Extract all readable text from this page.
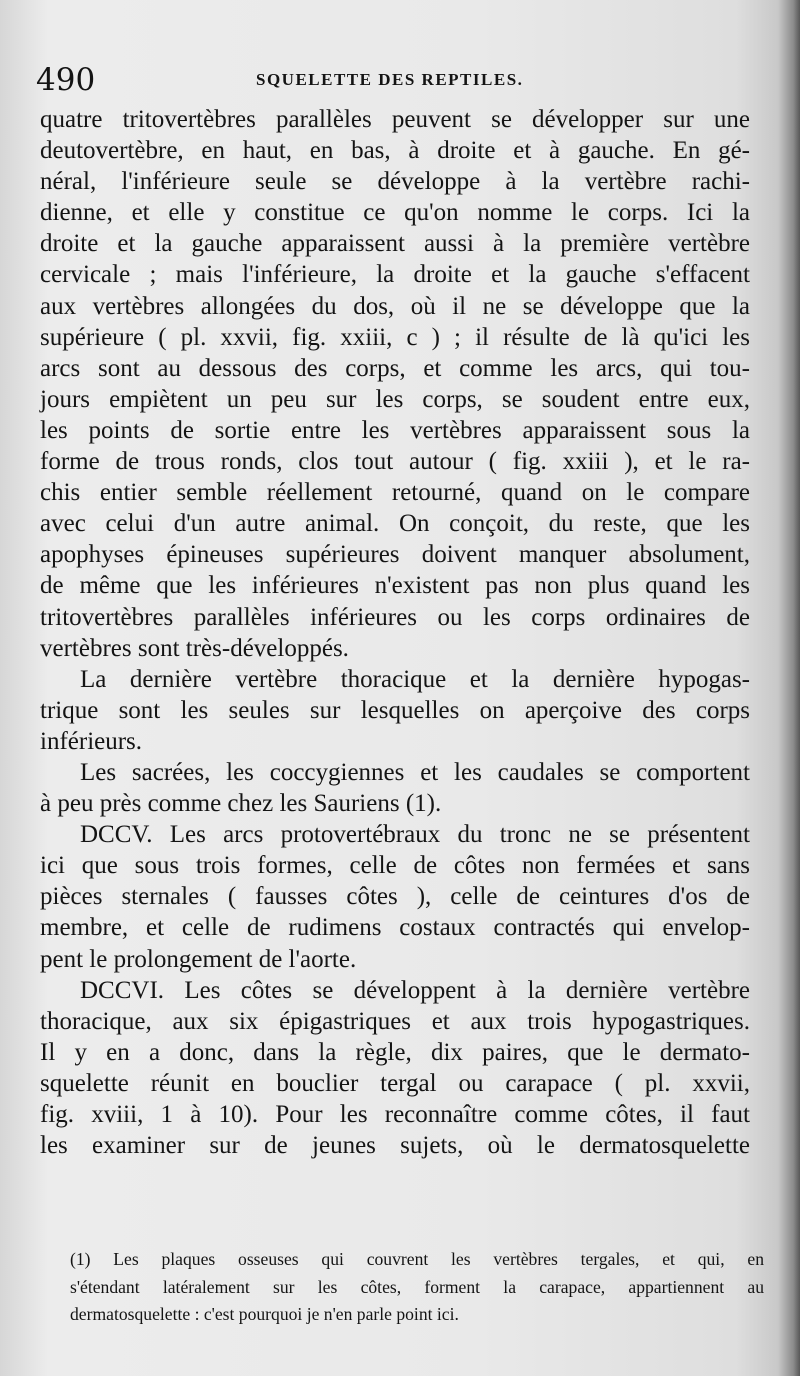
490	SQUELETTE DES REPTILES.
quatre tritovertèbres parallèles peuvent se développer sur une
deutovertèbre, en haut, en bas, à droite et à gauche. En gé-
néral, l'inférieure seule se développe à la vertèbre rachi-
dienne, et elle y constitue ce qu'on nomme le corps. Ici la
droite et la gauche apparaissent aussi à la première vertèbre
cervicale ; mais l'inférieure, la droite et la gauche s'effacent
aux vertèbres allongées du dos, où il ne se développe que la
supérieure ( pl. xxvii, fig. xxiii, c ) ; il résulte de là qu'ici les
arcs sont au dessous des corps, et comme les arcs, qui tou-
jours empiètent un peu sur les corps, se soudent entre eux,
les points de sortie entre les vertèbres apparaissent sous la
forme de trous ronds, clos tout autour ( fig. xxiii ), et le ra-
chis entier semble réellement retourné, quand on le compare
avec celui d'un autre animal. On conçoit, du reste, que les
apophyses épineuses supérieures doivent manquer absolument,
de même que les inférieures n'existent pas non plus quand les
tritovertèbres parallèles inférieures ou les corps ordinaires de
vertèbres sont très-développés.
La dernière vertèbre thoracique et la dernière hypogas-
trique sont les seules sur lesquelles on aperçoive des corps
inférieurs.
Les sacrées, les coccygiennes et les caudales se comportent
à peu près comme chez les Sauriens (1).
DCCV. Les arcs protovertébraux du tronc ne se présentent
ici que sous trois formes, celle de côtes non fermées et sans
pièces sternales ( fausses côtes ), celle de ceintures d'os de
membre, et celle de rudimens costaux contractés qui envelop-
pent le prolongement de l'aorte.
DCCVI. Les côtes se développent à la dernière vertèbre
thoracique, aux six épigastriques et aux trois hypogastriques.
Il y en a donc, dans la règle, dix paires, que le dermato-
squelette réunit en bouclier tergal ou carapace ( pl. xxvii,
fig. xviii, 1 à 10). Pour les reconnaître comme côtes, il faut
les examiner sur de jeunes sujets, où le dermatosquelette
(1) Les plaques osseuses qui couvrent les vertèbres tergales, et qui, en
s'étendant latéralement sur les côtes, forment la carapace, appartiennent au
dermatosquelette : c'est pourquoi je n'en parle point ici.
